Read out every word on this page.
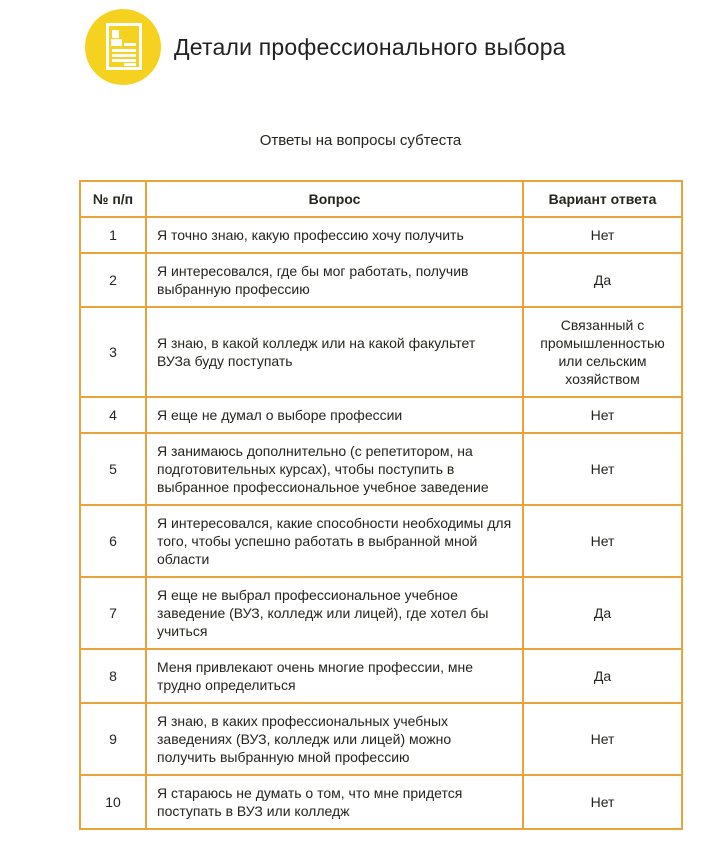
Детали профессионального выбора
Ответы на вопросы субтеста
№ п/п	Вопрос	Вариант ответа
1	Я точно знаю, какую профессию хочу получить	Нет
2	Я интересовался, где бы мог работать, получив выбранную профессию	Да
3	Я знаю, в какой колледж или на какой факультет ВУЗа буду поступать	Связанный с промышленностью или сельским хозяйством
4	Я еще не думал о выборе профессии	Нет
5	Я занимаюсь дополнительно (с репетитором, на подготовительных курсах), чтобы поступить в выбранное профессиональное учебное заведение	Нет
6	Я интересовался, какие способности необходимы для того, чтобы успешно работать в выбранной мной области	Нет
7	Я еще не выбрал профессиональное учебное заведение (ВУЗ, колледж или лицей), где хотел бы учиться	Да
8	Меня привлекают очень многие профессии, мне трудно определиться	Да
9	Я знаю, в каких профессиональных учебных заведениях (ВУЗ, колледж или лицей) можно получить выбранную мной профессию	Нет
10	Я стараюсь не думать о том, что мне придется поступать в ВУЗ или колледж	Нет
